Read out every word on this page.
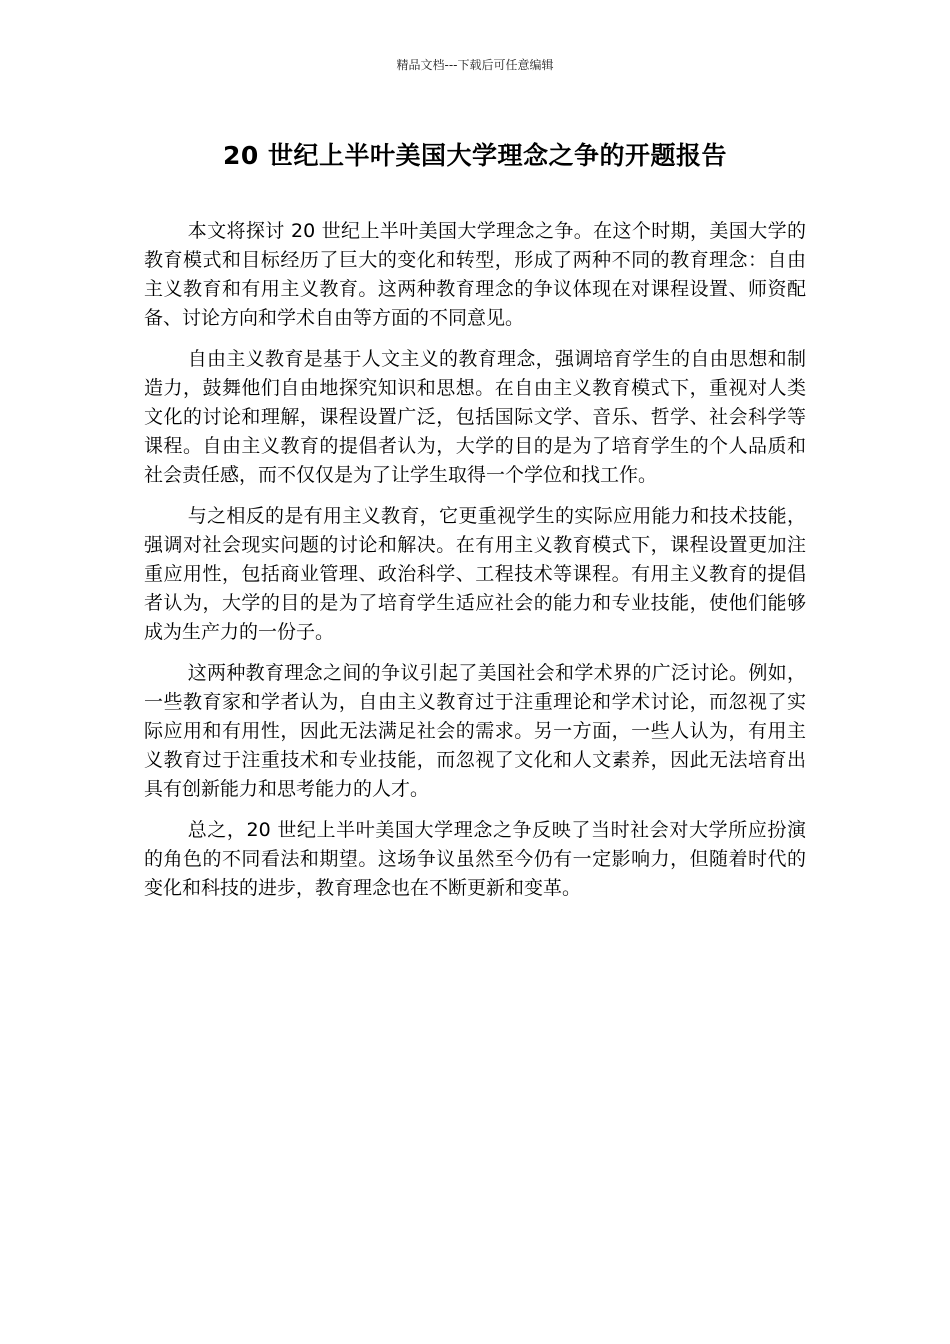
精品文档---下载后可任意编辑
20 世纪上半叶美国大学理念之争的开题报告

本文将探讨 20 世纪上半叶美国大学理念之争。在这个时期，美国大学的教育模式和目标经历了巨大的变化和转型，形成了两种不同的教育理念：自由主义教育和有用主义教育。这两种教育理念的争议体现在对课程设置、师资配备、讨论方向和学术自由等方面的不同意见。

自由主义教育是基于人文主义的教育理念，强调培育学生的自由思想和制造力，鼓舞他们自由地探究知识和思想。在自由主义教育模式下，重视对人类文化的讨论和理解，课程设置广泛，包括国际文学、音乐、哲学、社会科学等课程。自由主义教育的提倡者认为，大学的目的是为了培育学生的个人品质和社会责任感，而不仅仅是为了让学生取得一个学位和找工作。

与之相反的是有用主义教育，它更重视学生的实际应用能力和技术技能，强调对社会现实问题的讨论和解决。在有用主义教育模式下，课程设置更加注重应用性，包括商业管理、政治科学、工程技术等课程。有用主义教育的提倡者认为，大学的目的是为了培育学生适应社会的能力和专业技能，使他们能够成为生产力的一份子。

这两种教育理念之间的争议引起了美国社会和学术界的广泛讨论。例如，一些教育家和学者认为，自由主义教育过于注重理论和学术讨论，而忽视了实际应用和有用性，因此无法满足社会的需求。另一方面，一些人认为，有用主义教育过于注重技术和专业技能，而忽视了文化和人文素养，因此无法培育出具有创新能力和思考能力的人才。

总之，20 世纪上半叶美国大学理念之争反映了当时社会对大学所应扮演的角色的不同看法和期望。这场争议虽然至今仍有一定影响力，但随着时代的变化和科技的进步，教育理念也在不断更新和变革。
